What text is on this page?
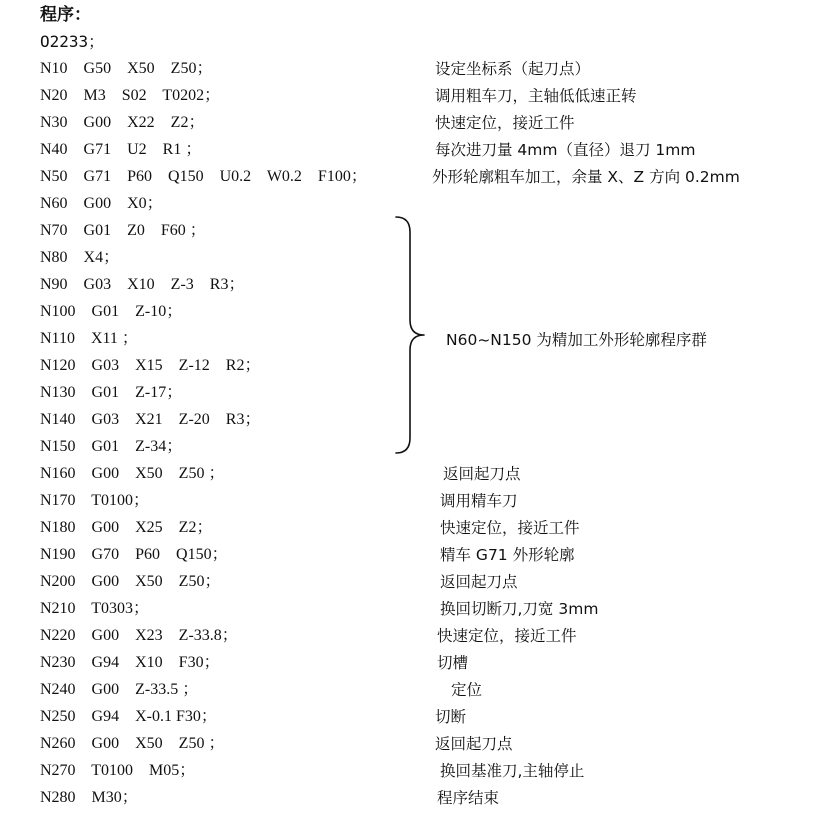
程序：
O2233；
N10    G50    X50    Z50；	设定坐标系（起刀点）
N20    M3    S02    T0202；	调用粗车刀，主轴低低速正转
N30    G00    X22    Z2；	快速定位，接近工件
N40    G71    U2    R1 ；	每次进刀量 4mm（直径）退刀 1mm
N50    G71    P60    Q150    U0.2    W0.2    F100；	外形轮廓粗车加工，余量 X、Z 方向 0.2mm
N60    G00    X0；
N70    G01    Z0    F60 ；
N80    X4；
N90    G03    X10    Z-3    R3；
N100    G01    Z-10；
N110    X11 ；
N120    G03    X15    Z-12    R2；
N130    G01    Z-17；
N140    G03    X21    Z-20    R3；
N150    G01    Z-34；
N160    G00    X50    Z50 ；	返回起刀点
N170    T0100；	调用精车刀
N180    G00    X25    Z2；	快速定位，接近工件
N190    G70    P60    Q150；	精车 G71 外形轮廓
N200    G00    X50    Z50；	返回起刀点
N210    T0303；	换回切断刀,刀宽 3mm
N220    G00    X23    Z-33.8；	快速定位，接近工件
N230    G94    X10    F30；	切槽
N240    G00    Z-33.5 ；	定位
N250    G94    X-0.1 F30；	切断
N260    G00    X50    Z50 ；	返回起刀点
N270    T0100    M05；	换回基准刀,主轴停止
N280    M30；	程序结束
N60~N150 为精加工外形轮廓程序群
